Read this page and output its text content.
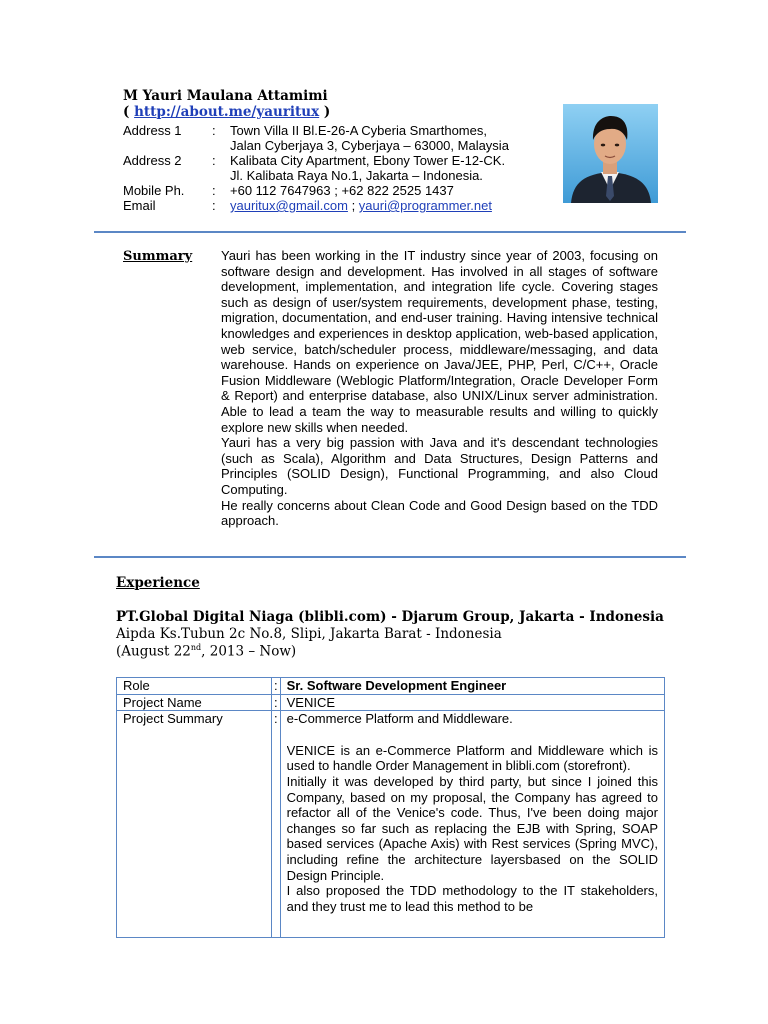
M Yauri Maulana Attamimi
( http://about.me/yauritux )
Address 1 : Town Villa II Bl.E-26-A Cyberia Smarthomes,
Jalan Cyberjaya 3, Cyberjaya – 63000, Malaysia
Address 2 : Kalibata City Apartment, Ebony Tower E-12-CK.
Jl. Kalibata Raya No.1, Jakarta – Indonesia.
Mobile Ph. : +60 112 7647963 ; +62 822 2525 1437
Email	: yauritux@gmail.com ; yauri@programmer.net
Summary Yauri has been working in the IT industry since year of 2003, focusing on software design and development. Has involved in all stages of software development, implementation, and integration life cycle. Covering stages such as design of user/system requirements, development phase, testing, migration, documentation, and end-user training. Having intensive technical knowledges and experiences in desktop application, web-based application, web service, batch/scheduler process, middleware/messaging, and data warehouse. Hands on experience on Java/JEE, PHP, Perl, C/C++, Oracle Fusion Middleware (Weblogic Platform/Integration, Oracle Developer Form & Report) and enterprise database, also UNIX/Linux server administration. Able to lead a team the way to measurable results and willing to quickly explore new skills when needed.

Yauri has a very big passion with Java and it's descendant technologies (such as Scala), Algorithm and Data Structures, Design Patterns and Principles (SOLID Design), Functional Programming, and also Cloud Computing.

He really concerns about Clean Code and Good Design based on the TDD approach.

Experience
PT.Global Digital Niaga (blibli.com) - Djarum Group, Jakarta - Indonesia
Aipda Ks.Tubun 2c No.8, Slipi, Jakarta Barat - Indonesia
(August 22nd, 2013 – Now)
Role	:	Sr. Software Development Engineer
Project Name	:	VENICE
Project Summary	:	e-Commerce Platform and Middleware.

VENICE is an e-Commerce Platform and Middleware which is used to handle Order Management in blibli.com (storefront).

Initially it was developed by third party, but since I joined this Company, based on my proposal, the Company has agreed to refactor all of the Venice's code. Thus, I've been doing major changes so far such as replacing the EJB with Spring, SOAP based services (Apache Axis) with Rest services (Spring MVC), including refine the architecture layersbased on the SOLID Design Principle.

I also proposed the TDD methodology to the IT stakeholders, and they trust me to lead this method to be
